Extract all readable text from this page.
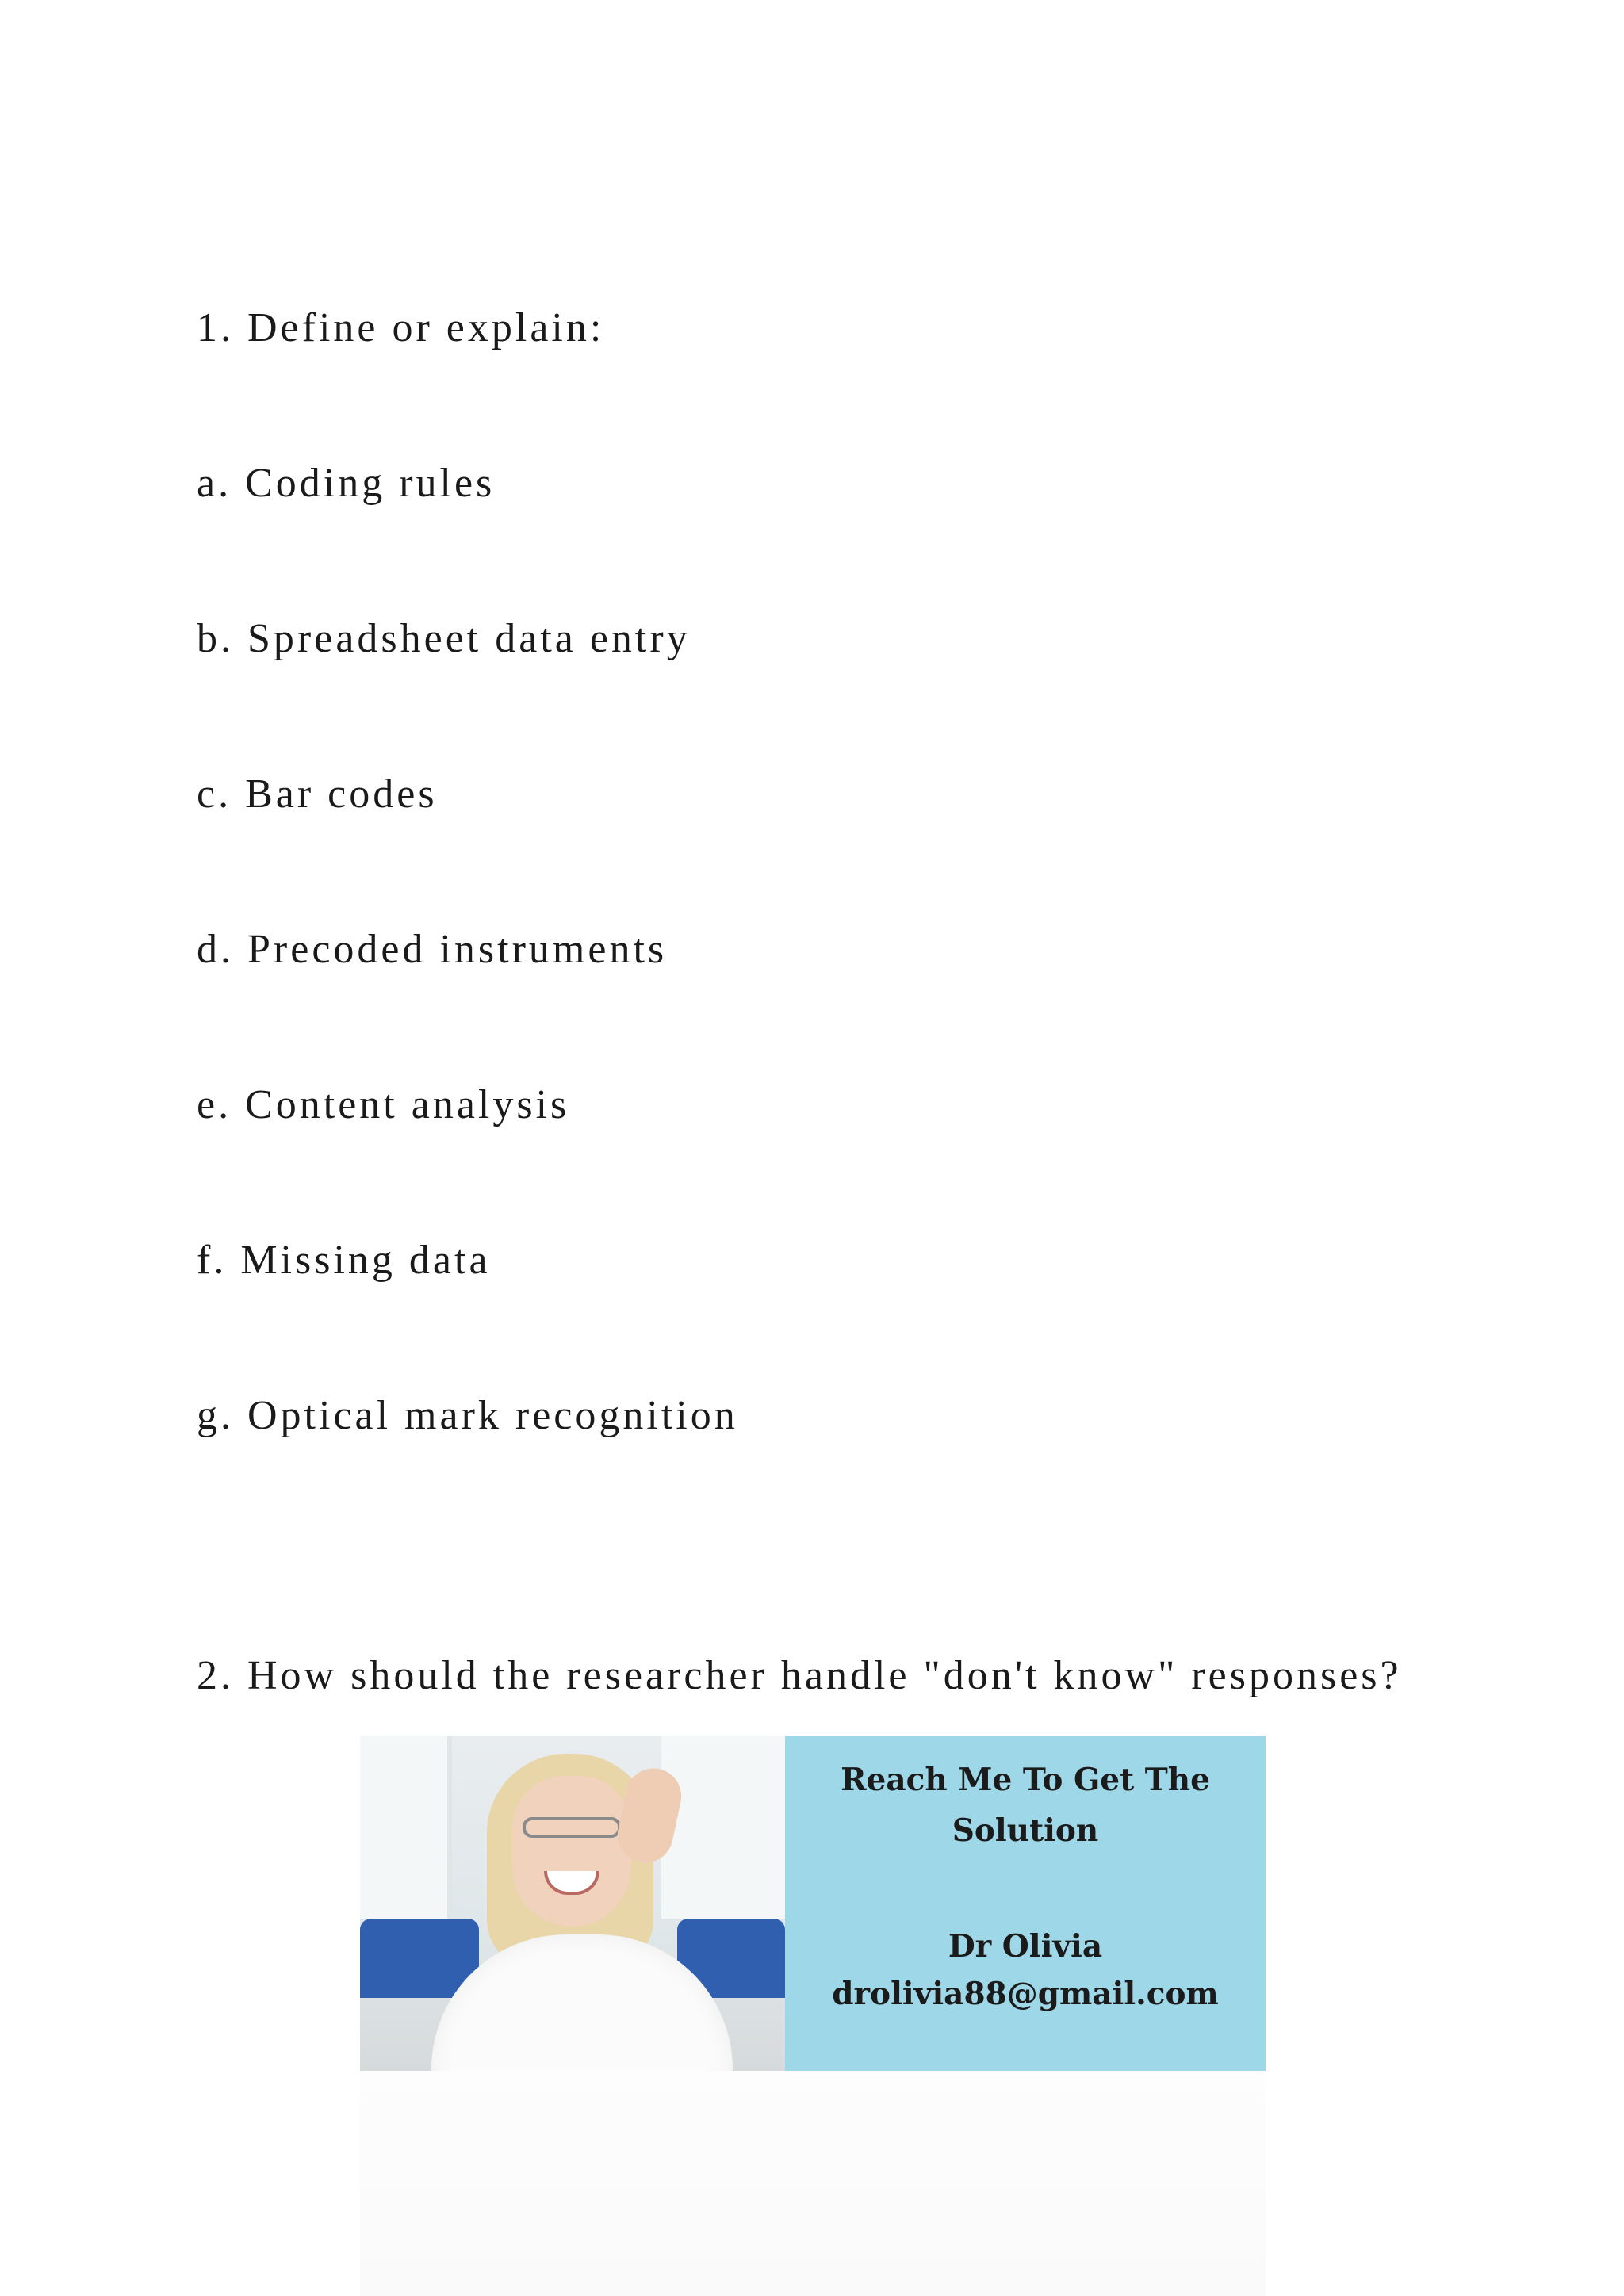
1. Define or explain:

a. Coding rules

b. Spreadsheet data entry

c. Bar codes

d. Precoded instruments

e. Content analysis

f. Missing data

g. Optical mark recognition

2. How should the researcher handle "don't know" responses?

Reach Me To Get The
Solution
Dr Olivia
drolivia88@gmail.com
